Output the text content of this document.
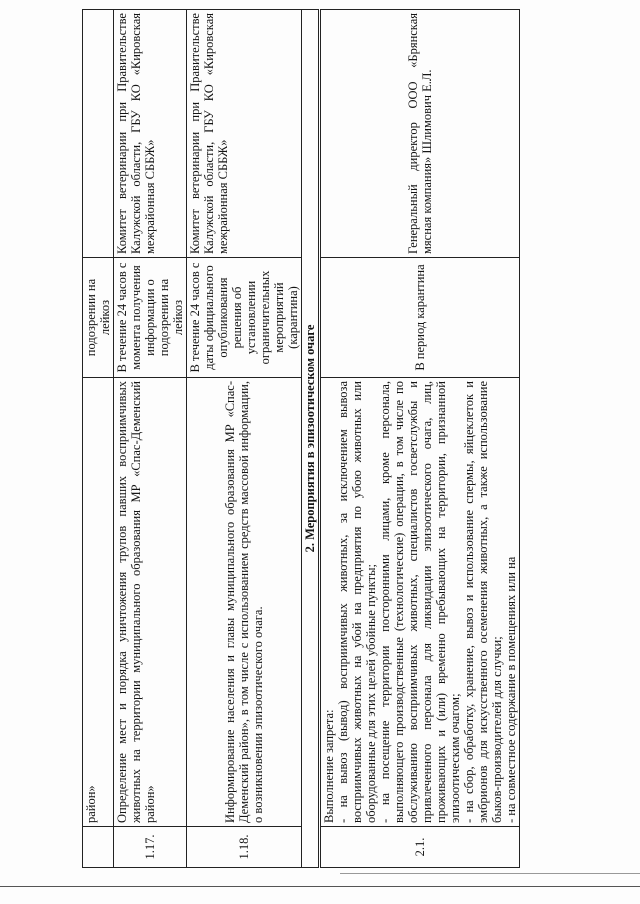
	район»	подозрении на лейкоз	
1.17.	Определение мест и порядка уничтожения трупов павших восприимчивых животных на территории муниципального образования МР «Спас-Деменский район»	В течение 24 часов с момента получения информации о подозрении на лейкоз	Комитет ветеринарии при Правительстве Калужской области, ГБУ КО «Кировская межрайонная СББЖ»
1.18.	Информирование населения и главы муниципального образования МР «Спас-Деменский район», в том числе с использованием средств массовой информации, о возникновении эпизоотического очага.	В течение 24 часов с даты официального опубликования решения об установлении ограничительных мероприятий (карантина)	Комитет ветеринарии при Правительстве Калужской области, ГБУ КО «Кировская межрайонная СББЖ»
2. Мероприятия в эпизоотическом очаге			
2.1.	Выполнение запрета: - на вывоз (вывод) восприимчивых животных, за исключением вывоза восприимчивых животных на убой на предприятия по убою животных или оборудованные для этих целей убойные пункты; - на посещение территории посторонними лицами, кроме персонала, выполняющего производственные (технологические) операции, в том числе по обслуживанию восприимчивых животных, специалистов госветслужбы и привлеченного персонала для ликвидации эпизоотического очага, лиц, проживающих и (или) временно пребывающих на территории, признанной эпизоотическим очагом; - на сбор, обработку, хранение, вывоз и использование спермы, яйцеклеток и эмбрионов для искусственного осеменения животных, а также использование быков-производителей для случки; - на совместное содержание в помещениях или на	В период карантина	Генеральный директор ООО «Брянская мясная компания» Шлимович Е.Л.
